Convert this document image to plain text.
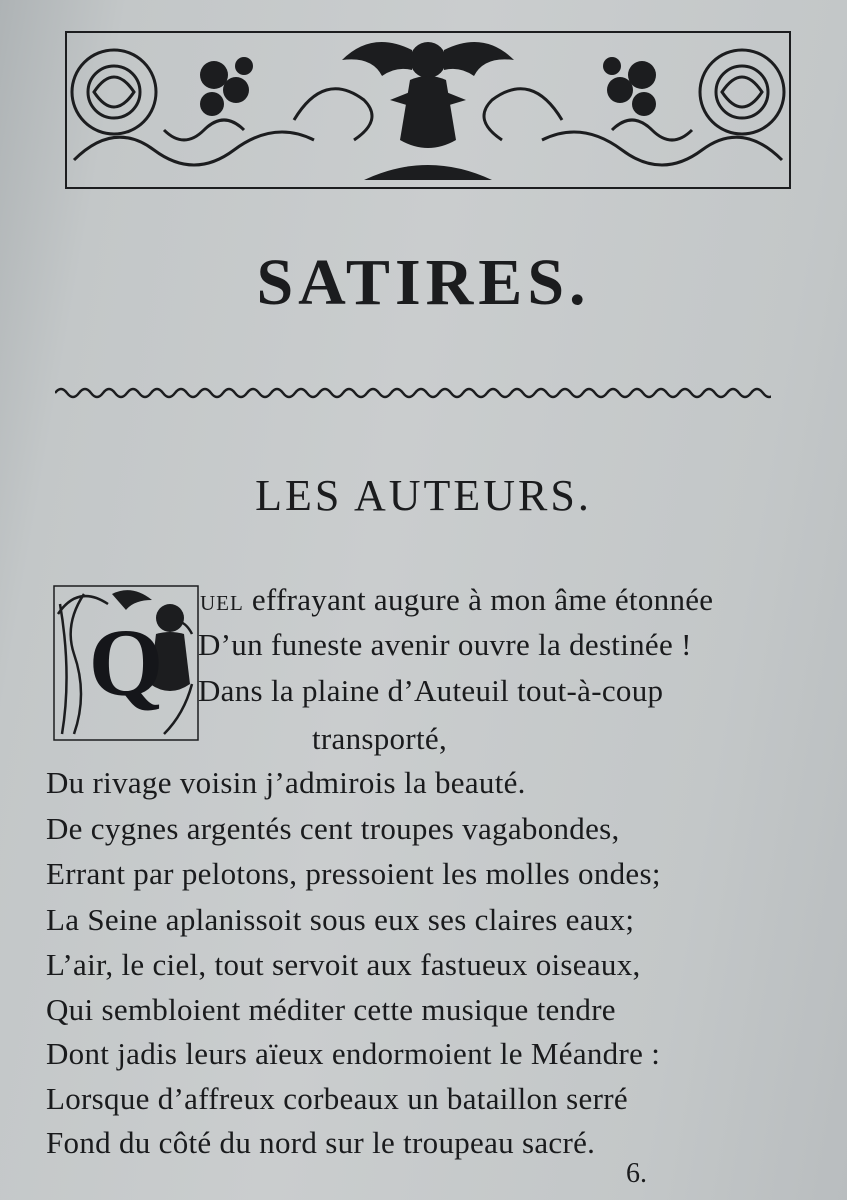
SATIRES.
LES AUTEURS.
Q
UEL effrayant augure à mon âme étonnée
D’un funeste avenir ouvre la destinée !
Dans la plaine d’Auteuil tout-à-coup
transporté,
Du rivage voisin j’admirois la beauté.
De cygnes argentés cent troupes vagabondes,
Errant par pelotons, pressoient les molles ondes;
La Seine aplanissoit sous eux ses claires eaux;
L’air, le ciel, tout servoit aux fastueux oiseaux,
Qui sembloient méditer cette musique tendre
Dont jadis leurs aïeux endormoient le Méandre :
Lorsque d’affreux corbeaux un bataillon serré
Fond du côté du nord sur le troupeau sacré.
6.
